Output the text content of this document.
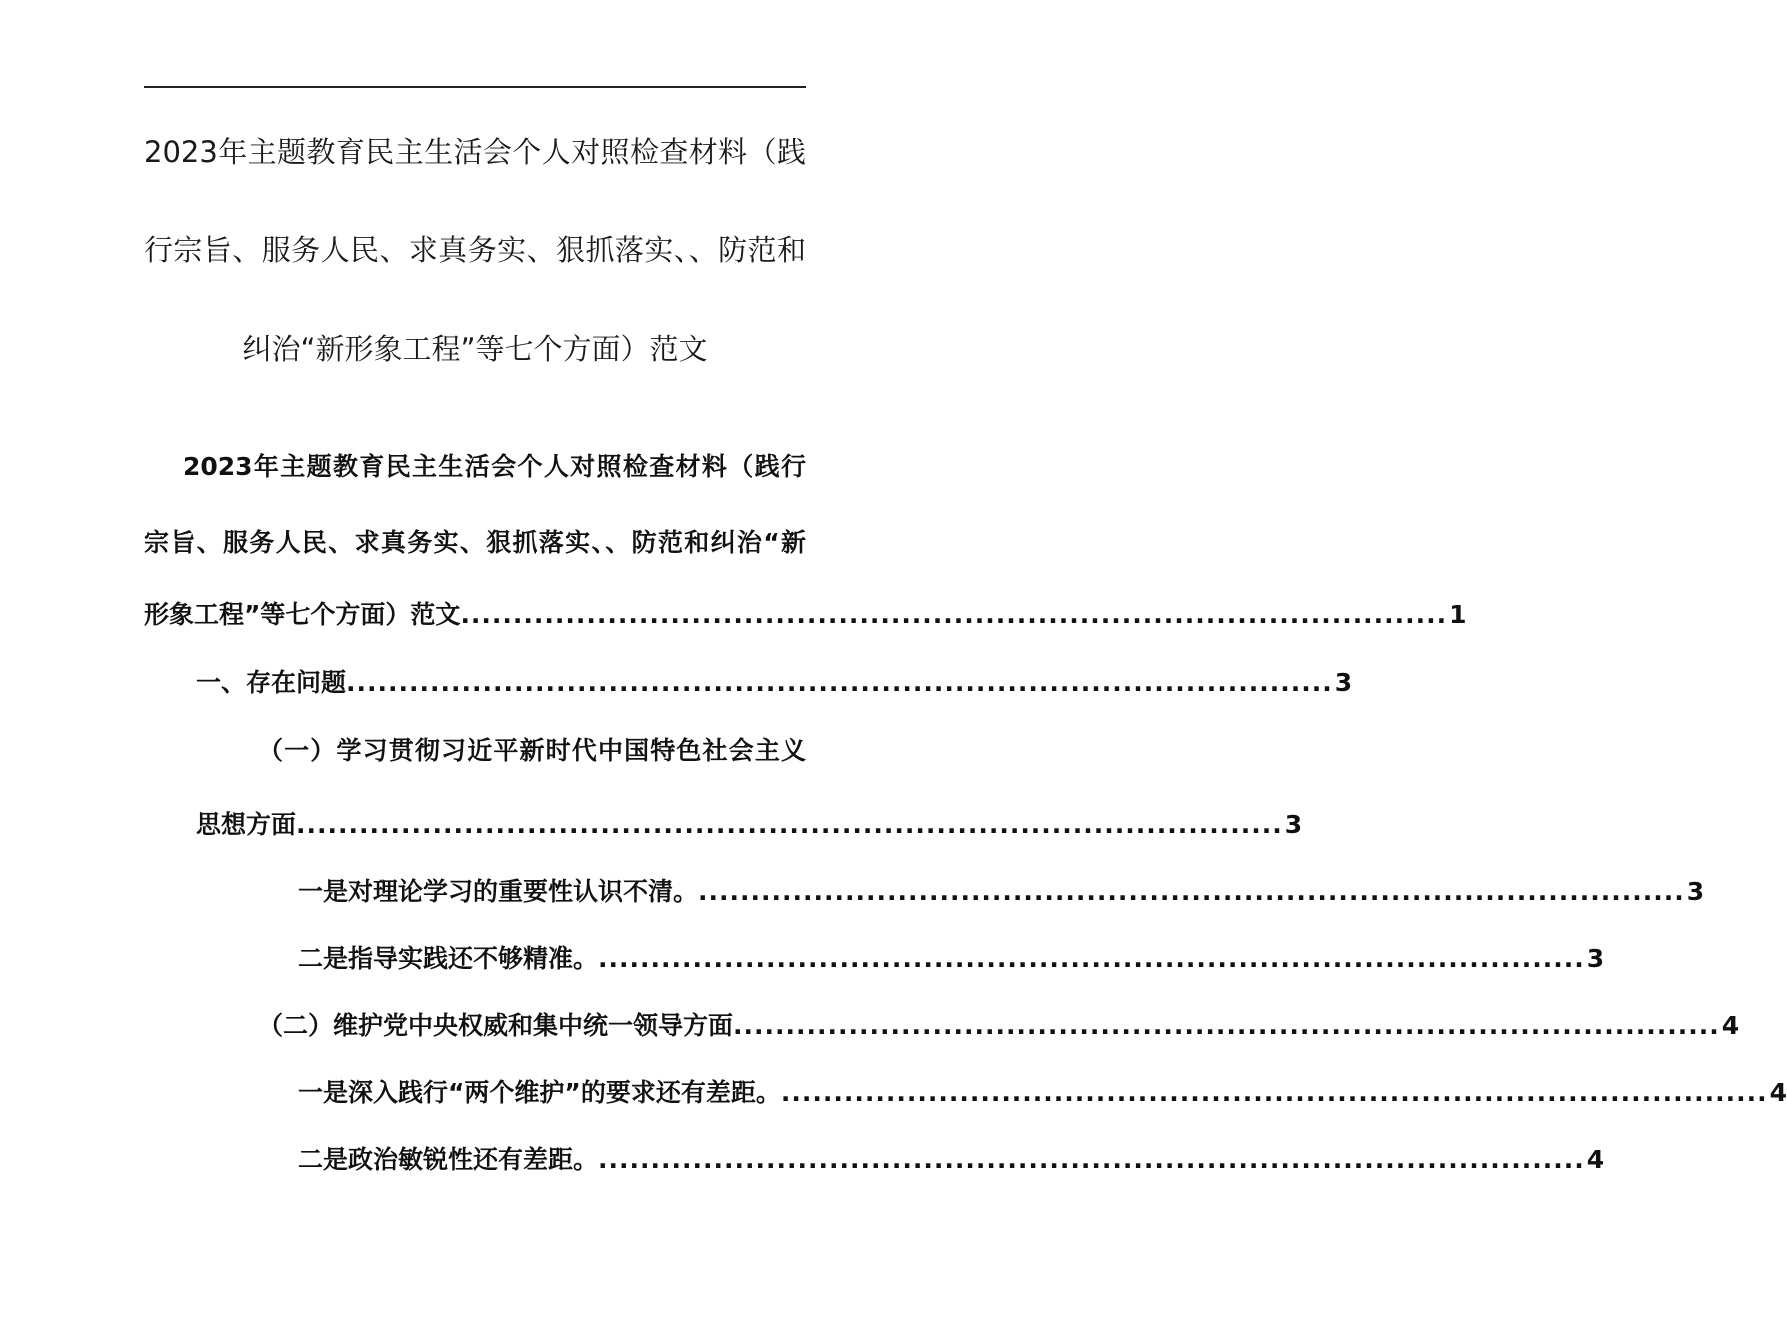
2023年主题教育民主生活会个人对照检查材料（践
行宗旨、服务人民、求真务实、狠抓落实、、防范和
纠治“新形象工程”等七个方面）范文
2023年主题教育民主生活会个人对照检查材料（践行
宗旨、服务人民、求真务实、狠抓落实、、防范和纠治“新
形象工程”等七个方面）范文 .............................................................................................. 1
一、存在问题 .............................................................................................. 3
（一）学习贯彻习近平新时代中国特色社会主义
思想方面 .............................................................................................. 3
一是对理论学习的重要性认识不清。 .............................................................................................. 3
二是指导实践还不够精准。 .............................................................................................. 3
（二）维护党中央权威和集中统一领导方面 .............................................................................................. 4
一是深入践行“两个维护”的要求还有差距。 .............................................................................................. 4
二是政治敏锐性还有差距。 .............................................................................................. 4
